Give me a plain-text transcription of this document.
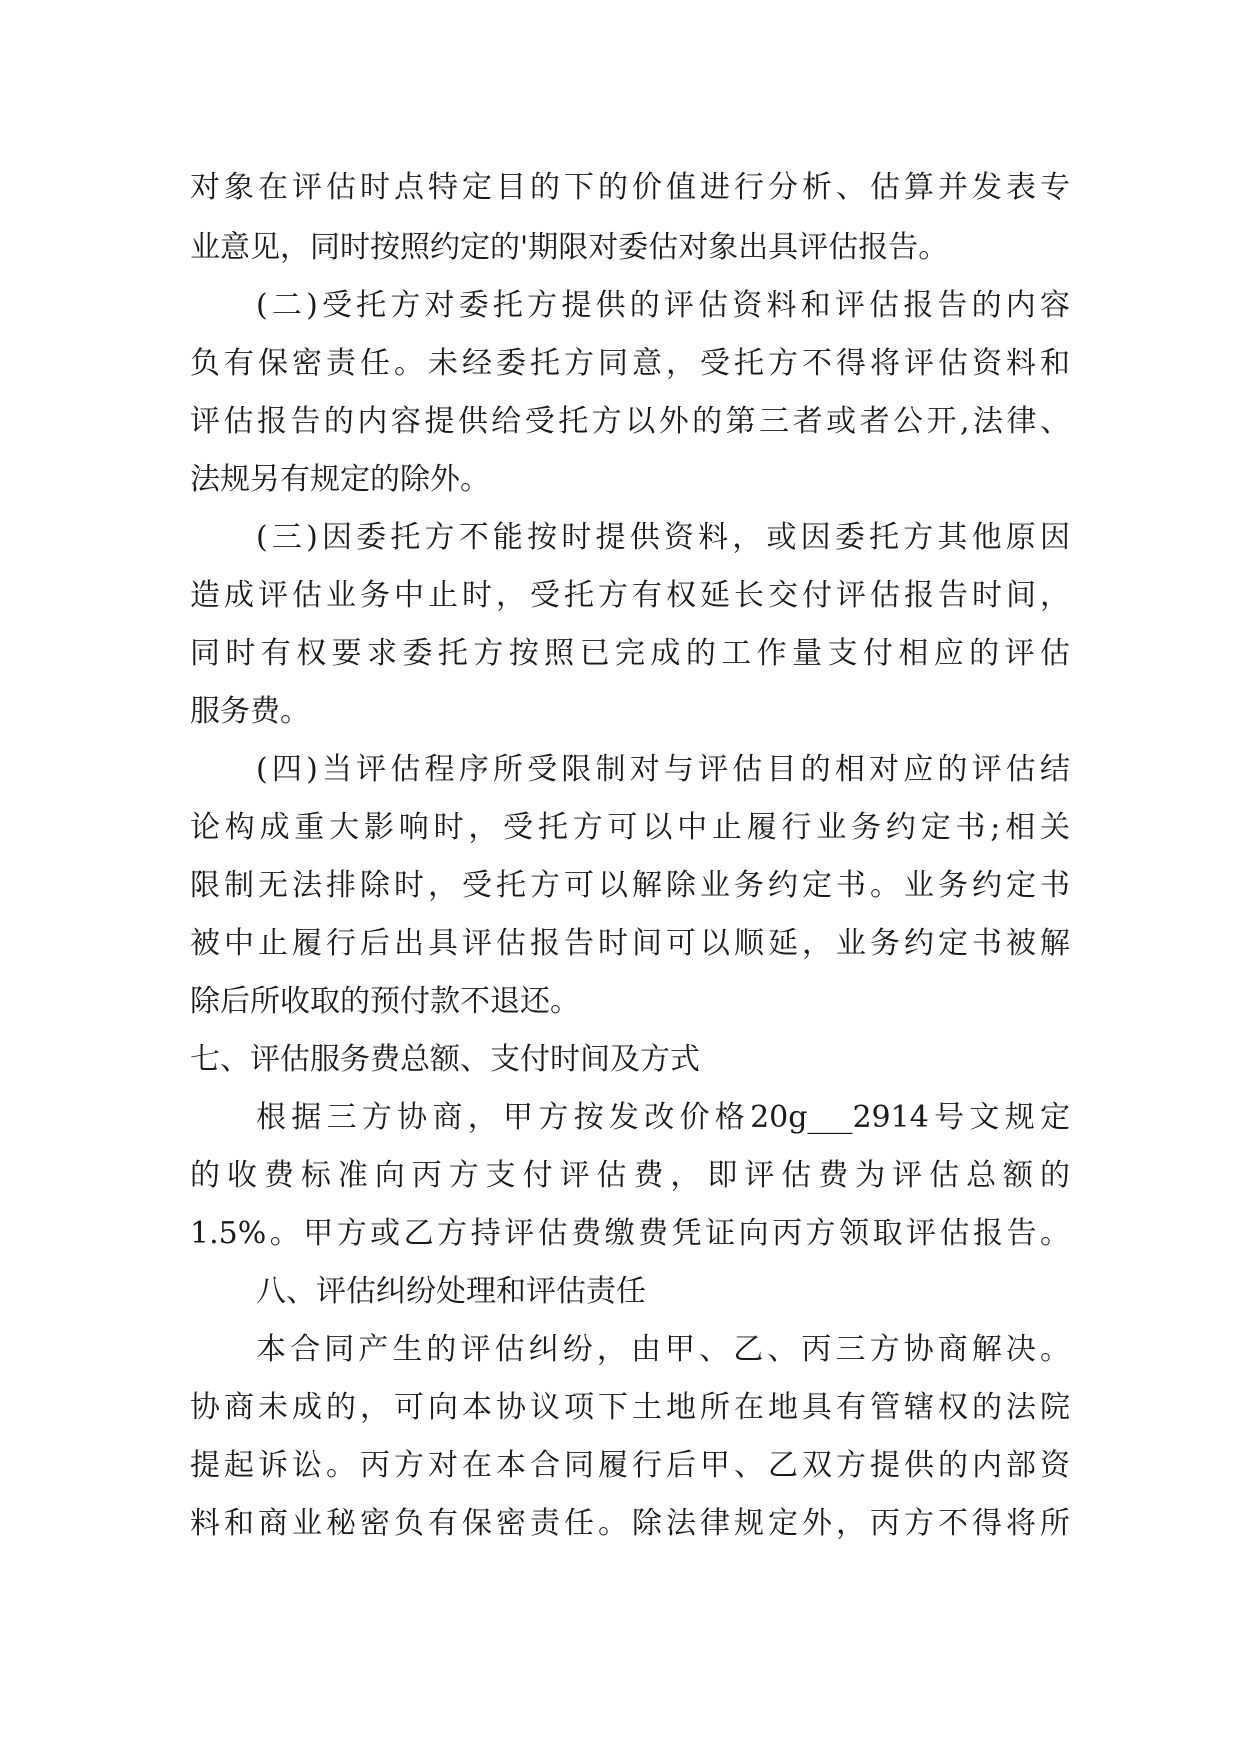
对象在评估时点特定目的下的价值进行分析、估算并发表专
业意见，同时按照约定的'期限对委估对象出具评估报告。
(二)受托方对委托方提供的评估资料和评估报告的内容
负有保密责任。未经委托方同意，受托方不得将评估资料和
评估报告的内容提供给受托方以外的第三者或者公开,法律、
法规另有规定的除外。
(三)因委托方不能按时提供资料，或因委托方其他原因
造成评估业务中止时，受托方有权延长交付评估报告时间，
同时有权要求委托方按照已完成的工作量支付相应的评估
服务费。
(四)当评估程序所受限制对与评估目的相对应的评估结
论构成重大影响时，受托方可以中止履行业务约定书;相关
限制无法排除时，受托方可以解除业务约定书。业务约定书
被中止履行后出具评估报告时间可以顺延，业务约定书被解
除后所收取的预付款不退还。
七、评估服务费总额、支付时间及方式
根据三方协商，甲方按发改价格20g___2914号文规定
的收费标准向丙方支付评估费，即评估费为评估总额的
1.5%。甲方或乙方持评估费缴费凭证向丙方领取评估报告。
八、评估纠纷处理和评估责任
本合同产生的评估纠纷，由甲、乙、丙三方协商解决。
协商未成的，可向本协议项下土地所在地具有管辖权的法院
提起诉讼。丙方对在本合同履行后甲、乙双方提供的内部资
料和商业秘密负有保密责任。除法律规定外，丙方不得将所
